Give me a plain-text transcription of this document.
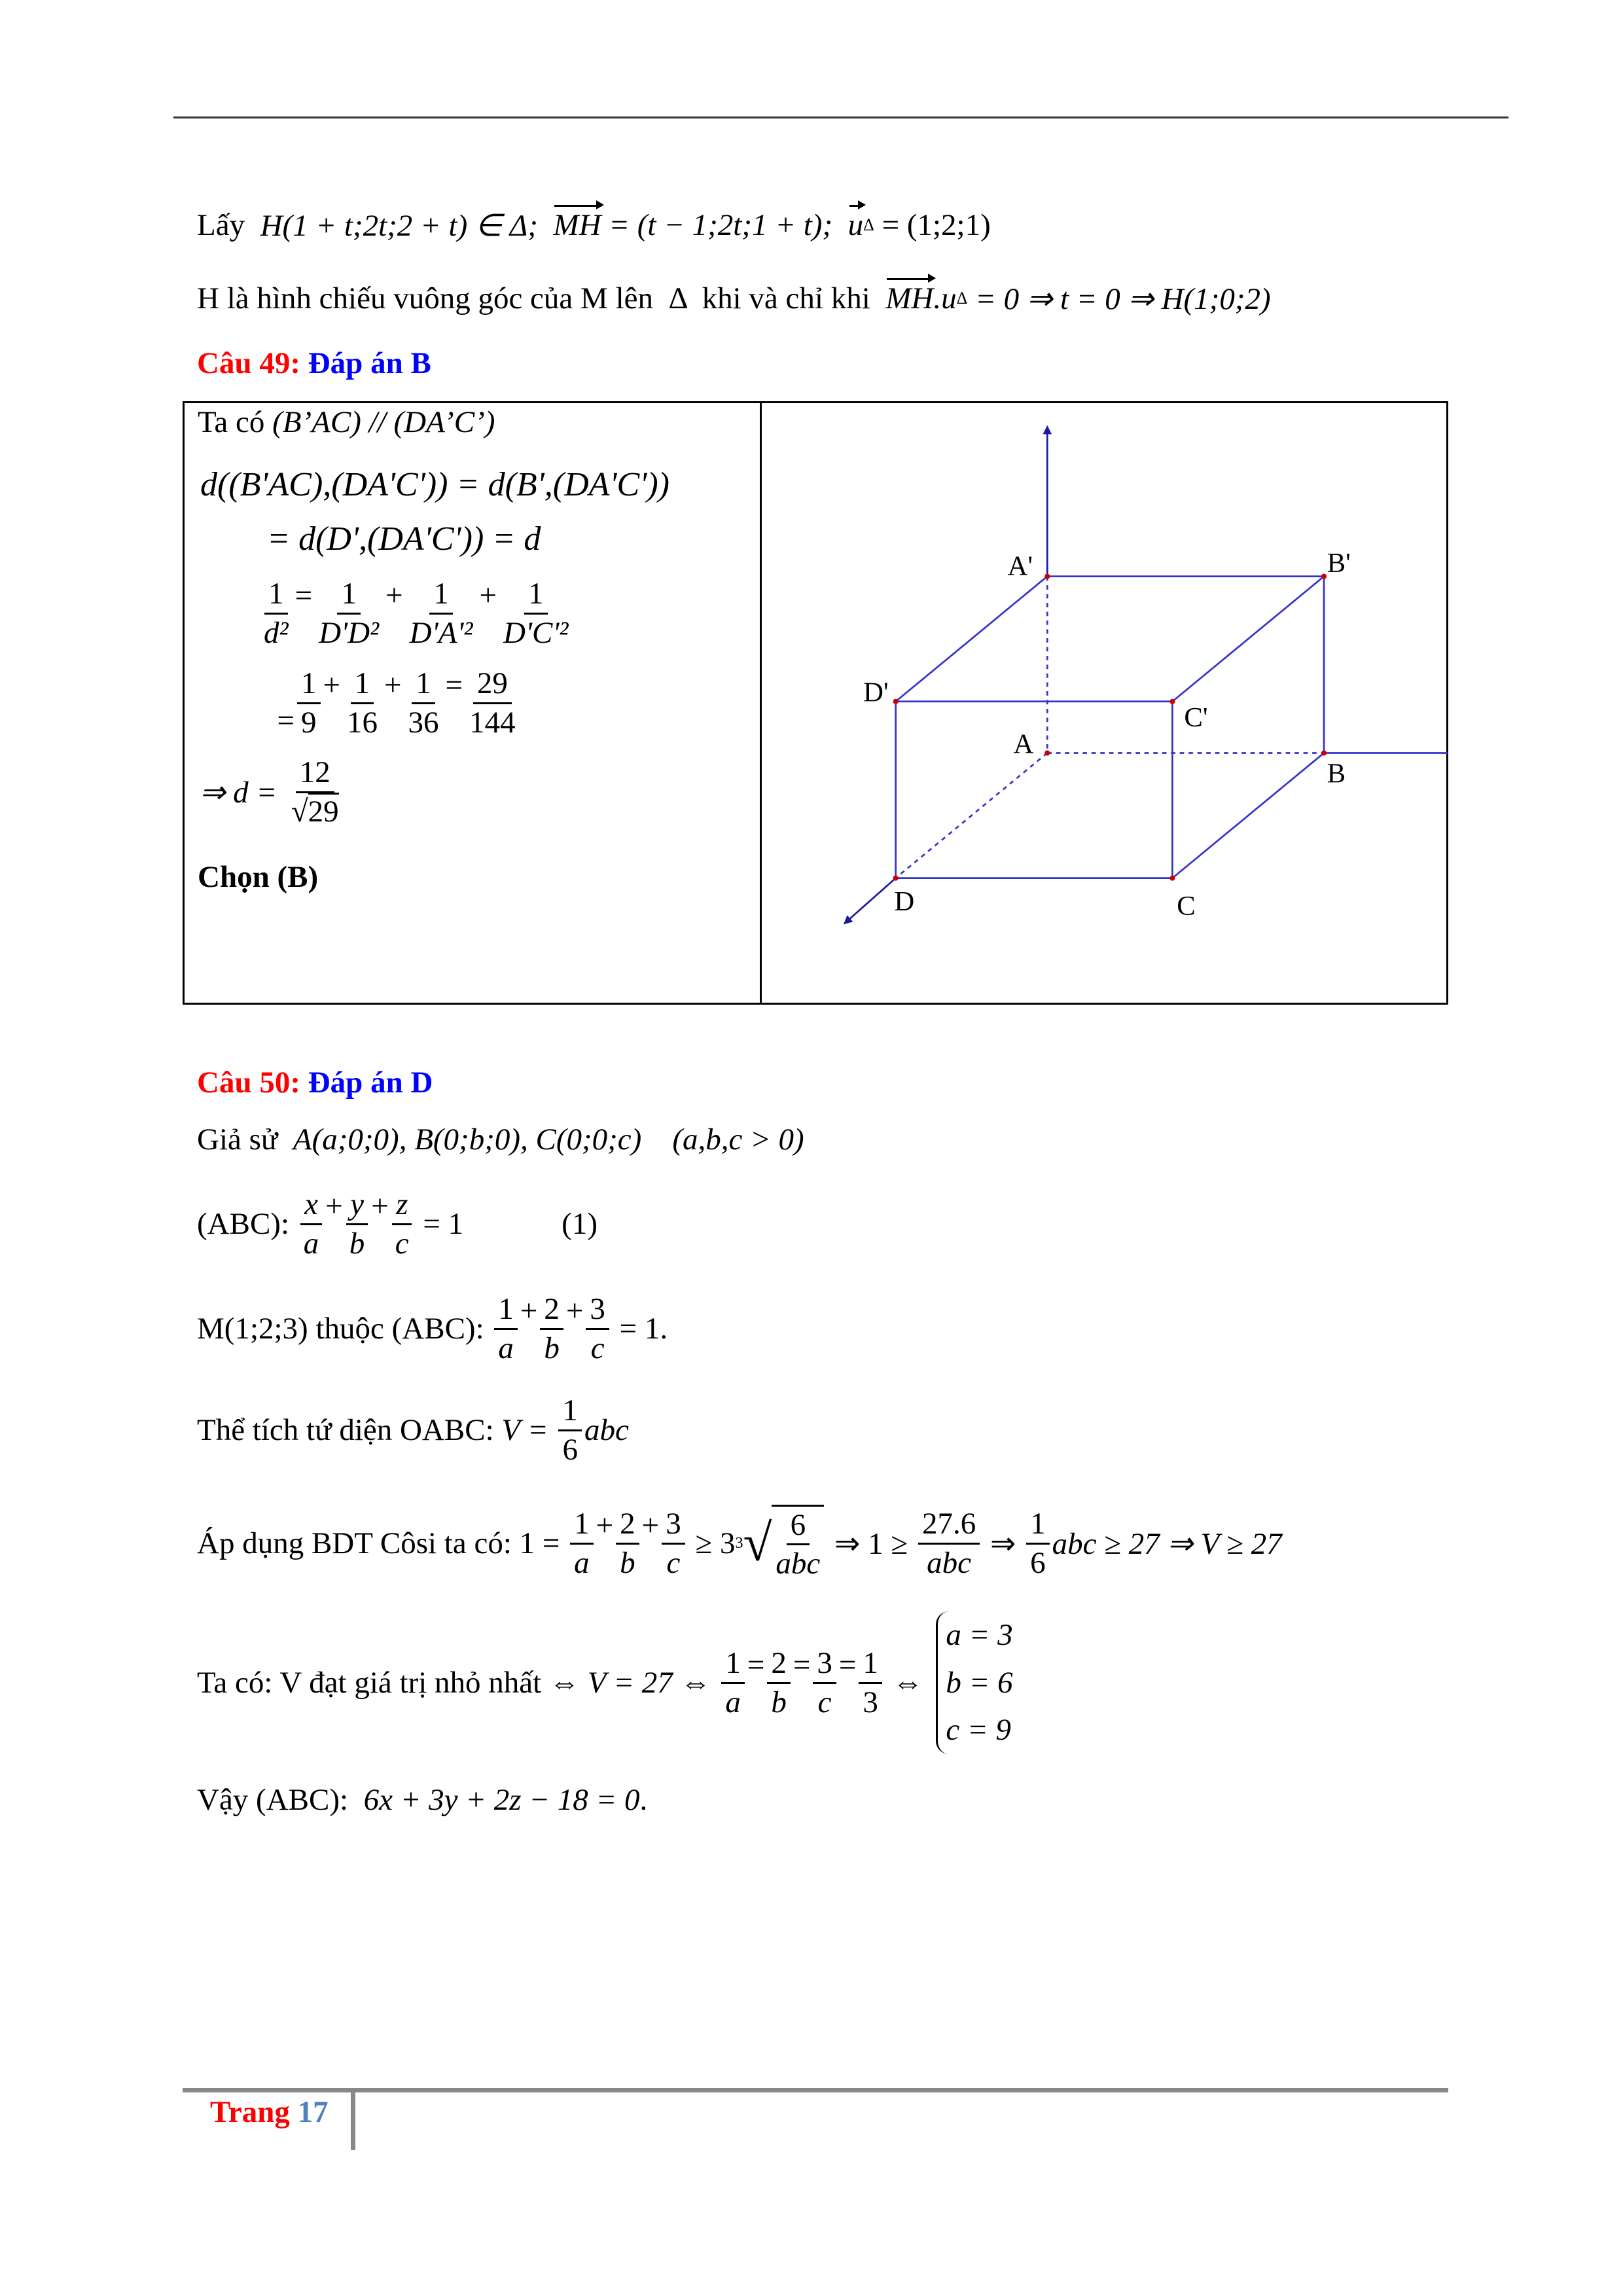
Lấy H(1 + t;2t;2 + t) ∈ Δ; MH = (t − 1;2t;1 + t); u Δ = (1;2;1)
H là hình chiếu vuông góc của M lên  Δ  khi và chỉ khi MH .u Δ = 0 ⇒ t = 0 ⇒ H(1;0;2)
Câu 49: Đáp án B
Ta có (B’AC) // (DA’C’)
d((B'AC),(DA'C')) = d(B',(DA'C'))
= d(D',(DA'C')) = d
$\frac{1}{\text{d²}}$ =
$\frac{1}{\text{D'D²}}$ +
$\frac{1}{\text{D'A'²}}$ +
$\frac{1}{\text{D'C'²}}$

= $\frac{1}{9}$ +
$\frac{1}{16}$ +
$\frac{1}{36}$ =
$\frac{29}{144}$
⇒ $d = \frac{12}{√29}$
Chọn (B)
A'	B'
D'
C'
A
B
D	C
Câu 50: Đáp án D
Giả sử A(a;0;0), B(0;b;0), C(0;0;c)    (a,b,c > 0)
(ABC): $\frac{x}{a}$ +
$\frac{y}{b}$ +
$\frac{z}{c} = 1$	(1)
M(1;2;3) thuộc (ABC): $\frac{1}{a}$ +
$\frac{2}{b}$ +
$\frac{3}{c} = 1$.
Thể tích tứ diện OABC: $V = \frac{1}{6}$ abc
Áp dụng BDT Côsi ta có: $1 = \frac{1}{a}$ +
$\frac{2}{b}$ +
$\frac{3}{c} \ge 3$ 3 √ $\frac{6}{\text{abc}}$ ⇒ $1 \ge \frac{27.6}{\text{abc}}$ ⇒ $\frac{1}{6}$ abc ≥ 27 ⇒ V ≥ 27
Ta có: V đạt giá trị nhỏ nhất ⇔ V = 27 ⇔ $\frac{1}{a}$ =
$\frac{2}{b}$ =
$\frac{3}{c}$ =
$\frac{1}{3}$ ⇔
a = 3
b = 6
c = 9
Vậy (ABC): 6x + 3y + 2z − 18 = 0 .
Trang 17
